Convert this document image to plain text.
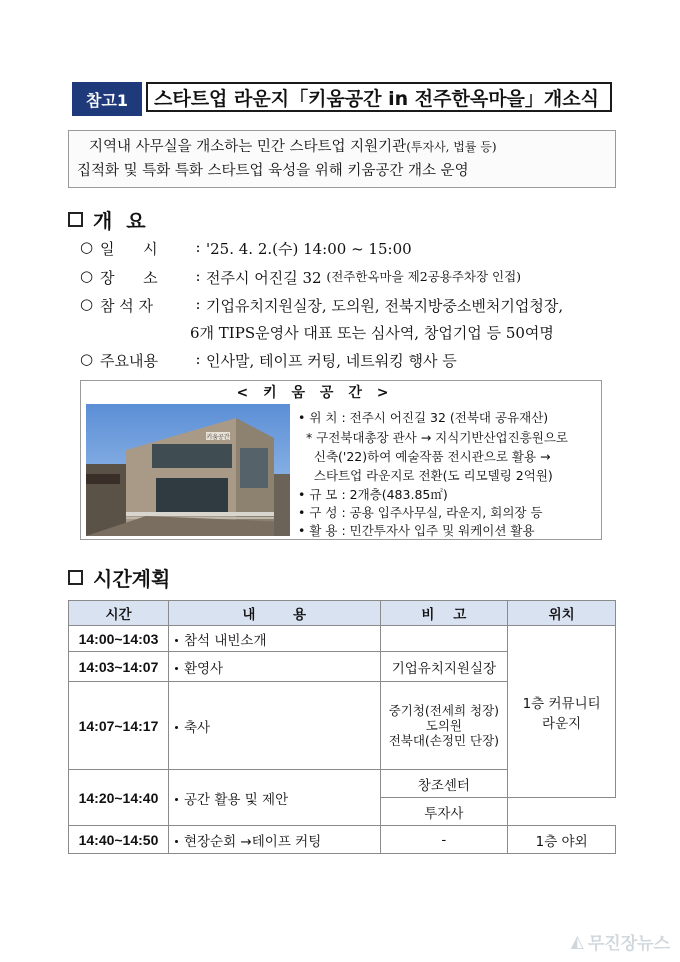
참고1	스타트업 라운지「키움공간 in 전주한옥마을」개소식
지역내 사무실을 개소하는 민간 스타트업 지원기관(투자사, 법률 등)
집적화 및 특화 특화 스타트업 육성을 위해 키움공간 개소 운영
개  요
○ 일      시	: '25. 4. 2.(수) 14:00 ~ 15:00
○ 장      소	: 전주시 어진길 32
(전주한옥마을 제2공용주차장 인접)
○ 참 석 자	: 기업유치지원실장, 도의원, 전북지방중소벤처기업청장,
6개 TIPS운영사 대표 또는 심사역, 창업기업 등 50여명
○ 주요내용	: 인사말, 테이프 커팅, 네트워킹 행사 등
< 키 움 공 간 >
키움공간
• 위 치 : 전주시 어진길 32 (전북대 공유재산)
* 구전북대총장 관사 → 지식기반산업진흥원으로
신축('22)하여 예술작품 전시관으로 활용 →
스타트업 라운지로 전환(도 리모델링 2억원)
• 규 모 : 2개층(483.85㎡)
• 구 성 : 공용 입주사무실, 라운지, 회의장 등
• 활 용 : 민간투자사 입주 및 워케이션 활용
시간계획
시간	내        용	비    고	위치
14:00~14:03	참석 내빈소개		1층 커뮤니티
라운지

14:03~14:07	환영사	기업유치지원실장	
14:07~14:17	축사	중기청(전세희 청장)
도의원
전북대(손정민 단장)	

14:20~14:40	공간 활용 및 제안	창조센터	
		투자사	
14:40~14:50	현장순회 →테이프 커팅	-	1층 야외
◭ 무진장뉴스
